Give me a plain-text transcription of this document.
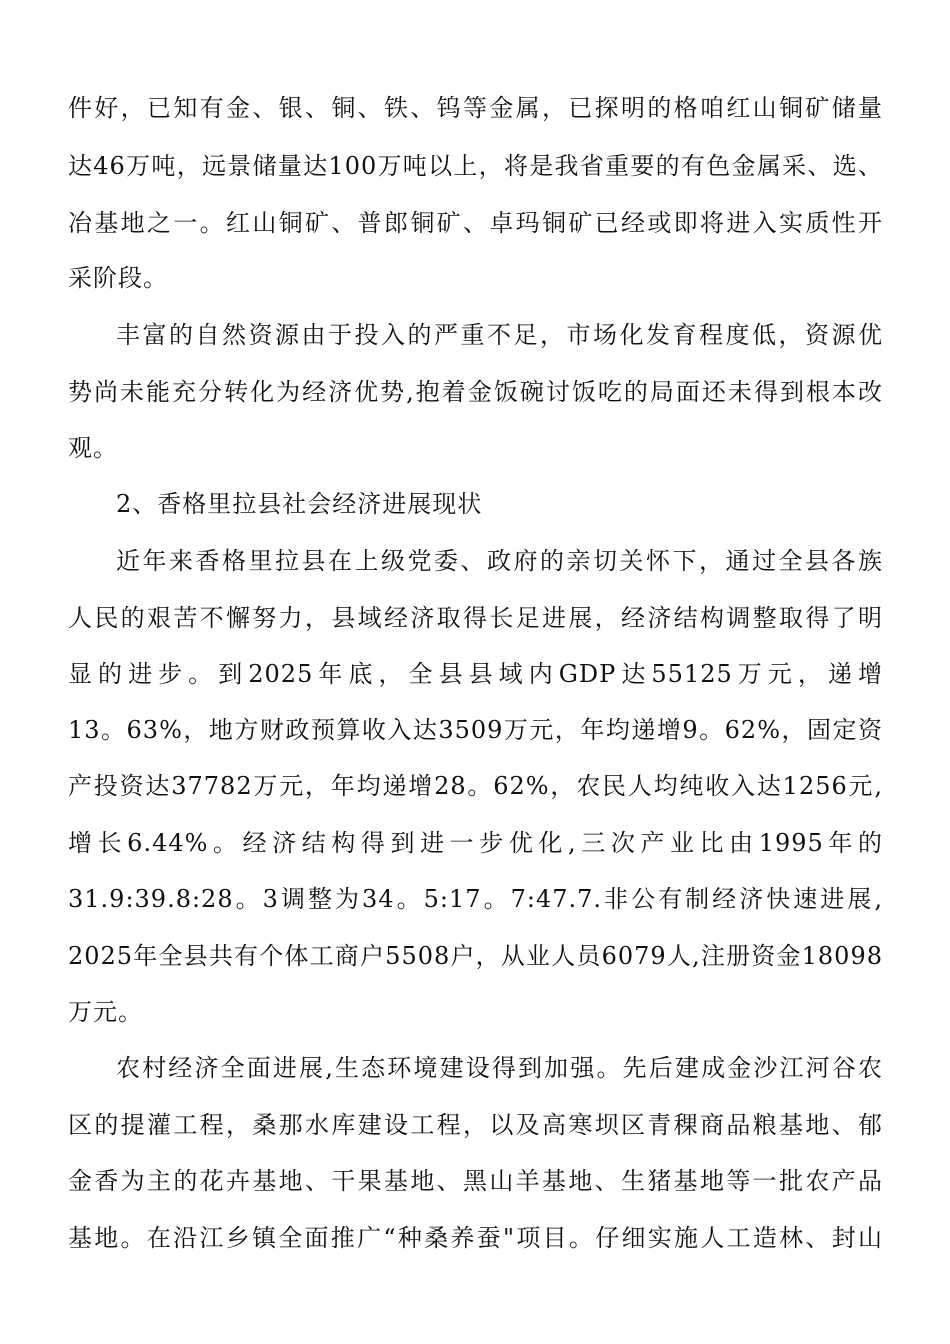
件好，已知有金、银、铜、铁、钨等金属，已探明的格咱红山铜矿储量

达46万吨，远景储量达100万吨以上，将是我省重要的有色金属采、选、

冶基地之一。红山铜矿、普郎铜矿、卓玛铜矿已经或即将进入实质性开

采阶段。

丰富的自然资源由于投入的严重不足，市场化发育程度低，资源优

势尚未能充分转化为经济优势,抱着金饭碗讨饭吃的局面还未得到根本改

观。

2、香格里拉县社会经济进展现状

近年来香格里拉县在上级党委、政府的亲切关怀下，通过全县各族

人民的艰苦不懈努力，县域经济取得长足进展，经济结构调整取得了明

显的进步。到2025年底，全县县域内GDP达55125万元，递增

13。63%，地方财政预算收入达3509万元，年均递增9。62%，固定资

产投资达37782万元，年均递增28。62%，农民人均纯收入达1256元,

增长6.44%。经济结构得到进一步优化,三次产业比由1995年的

31.9:39.8:28。3调整为34。5:17。7:47.7.非公有制经济快速进展,

2025年全县共有个体工商户5508户，从业人员6079人,注册资金18098

万元。

农村经济全面进展,生态环境建设得到加强。先后建成金沙江河谷农

区的提灌工程，桑那水库建设工程，以及高寒坝区青稞商品粮基地、郁

金香为主的花卉基地、干果基地、黑山羊基地、生猪基地等一批农产品

基地。在沿江乡镇全面推广“种桑养蚕"项目。仔细实施人工造林、封山
